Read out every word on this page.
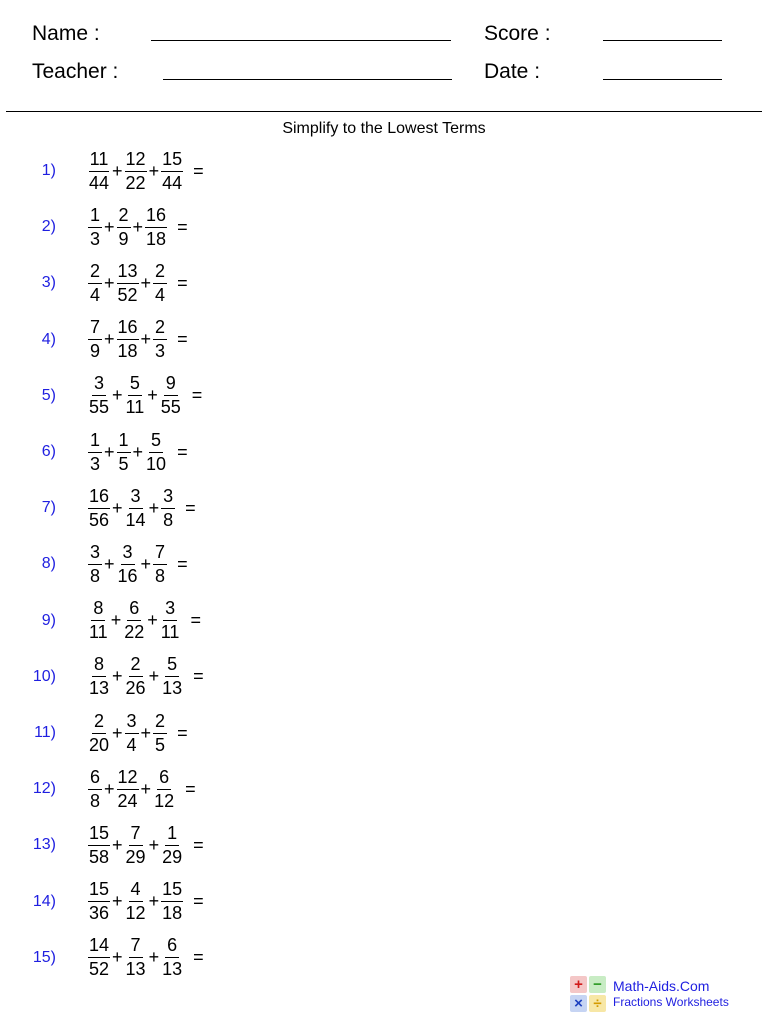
Name :
Teacher :
Score :
Date :
Simplify to the Lowest Terms
$1) \frac{11}{44} + \frac{12}{22} + \frac{15}{44}$ =
$2) \frac{1}{3} + \frac{2}{9} + \frac{16}{18}$ =
$3) \frac{2}{4} + \frac{13}{52} + \frac{2}{4}$ =
$4) \frac{7}{9} + \frac{16}{18} + \frac{2}{3}$ =
$5) \frac{3}{55} + \frac{5}{11} + \frac{9}{55}$ =
$6) \frac{1}{3} + \frac{1}{5} + \frac{5}{10}$ =
$7) \frac{16}{56} + \frac{3}{14} + \frac{3}{8}$ =
$8) \frac{3}{8} + \frac{3}{16} + \frac{7}{8}$ =
$9) \frac{8}{11} + \frac{6}{22} + \frac{3}{11}$ =
$10) \frac{8}{13} + \frac{2}{26} + \frac{5}{13}$ =
$11) \frac{2}{20} + \frac{3}{4} + \frac{2}{5}$ =
$12) \frac{6}{8} + \frac{12}{24} + \frac{6}{12}$ =
$13) \frac{15}{58} + \frac{7}{29} + \frac{1}{29}$ =
$14) \frac{15}{36} + \frac{4}{12} + \frac{15}{18}$ =
$15) \frac{14}{52} + \frac{7}{13} + \frac{6}{13}$ =
+ −
× ÷
Math-Aids.Com
Fractions Worksheets
